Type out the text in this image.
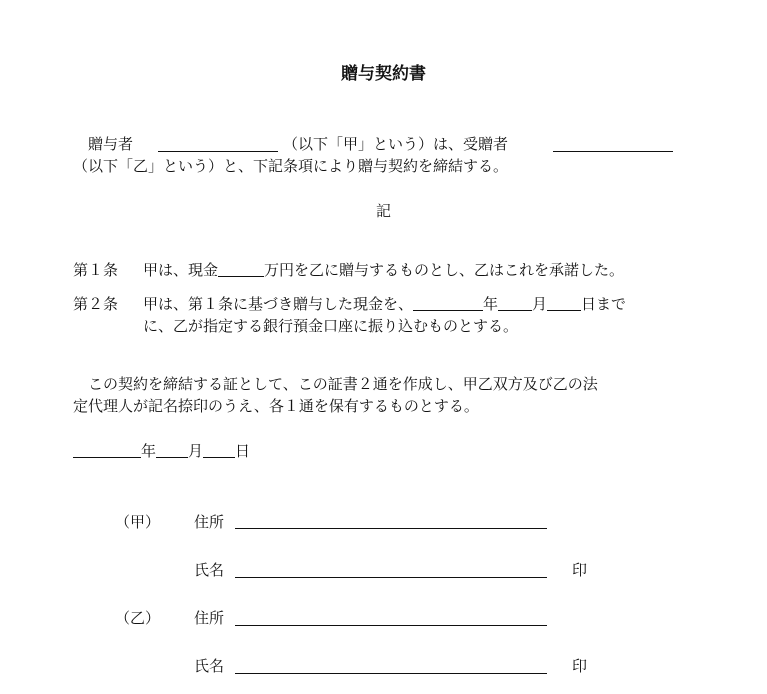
贈与契約書
贈与者	（以下「甲」という）は、受贈者
（以下「乙」という）と、下記条項により贈与契約を締結する。
記
第１条 甲は、現金	万円を乙に贈与するものとし、乙はこれを承諾した。
第２条 甲は、第１条に基づき贈与した現金を、	年 月 日まで
に、乙が指定する銀行預金口座に振り込むものとする。
この契約を締結する証として、この証書２通を作成し、甲乙双方及び乙の法
定代理人が記名捺印のうえ、各１通を保有するものとする。
年 月 日
（甲） 住所
氏名	印
（乙） 住所
氏名	印
